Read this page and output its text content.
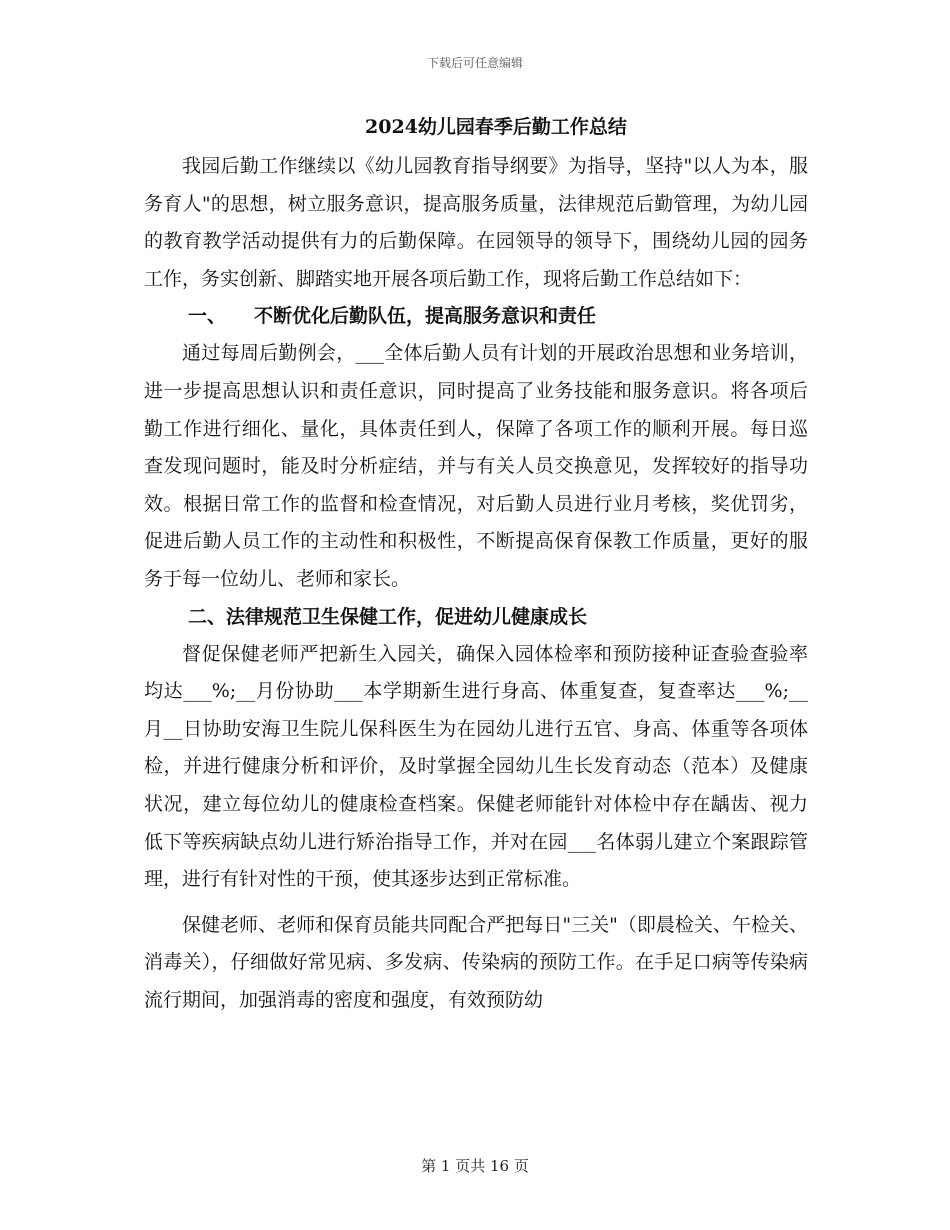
下载后可任意编辑
2024幼儿园春季后勤工作总结

我园后勤工作继续以《幼儿园教育指导纲要》为指导，坚持"以人为本，服务育人"的思想，树立服务意识，提高服务质量，法律规范后勤管理，为幼儿园的教育教学活动提供有力的后勤保障。在园领导的领导下，围绕幼儿园的园务工作，务实创新、脚踏实地开展各项后勤工作，现将后勤工作总结如下：

一、 不断优化后勤队伍，提高服务意识和责任

通过每周后勤例会，___全体后勤人员有计划的开展政治思想和业务培训，进一步提高思想认识和责任意识，同时提高了业务技能和服务意识。将各项后勤工作进行细化、量化，具体责任到人，保障了各项工作的顺利开展。每日巡查发现问题时，能及时分析症结，并与有关人员交换意见，发挥较好的指导功效。根据日常工作的监督和检查情况，对后勤人员进行业月考核，奖优罚劣，促进后勤人员工作的主动性和积极性，不断提高保育保教工作质量，更好的服务于每一位幼儿、老师和家长。

二、法律规范卫生保健工作，促进幼儿健康成长

督促保健老师严把新生入园关，确保入园体检率和预防接种证查验查验率均达___%;__月份协助___本学期新生进行身高、体重复查，复查率达___%;__月__日协助安海卫生院儿保科医生为在园幼儿进行五官、身高、体重等各项体检，并进行健康分析和评价，及时掌握全园幼儿生长发育动态（范本）及健康状况，建立每位幼儿的健康检查档案。保健老师能针对体检中存在龋齿、视力低下等疾病缺点幼儿进行矫治指导工作，并对在园___名体弱儿建立个案跟踪管理，进行有针对性的干预，使其逐步达到正常标准。

保健老师、老师和保育员能共同配合严把每日"三关"（即晨检关、午检关、消毒关），仔细做好常见病、多发病、传染病的预防工作。在手足口病等传染病流行期间，加强消毒的密度和强度，有效预防幼

第 1 页共 16 页
